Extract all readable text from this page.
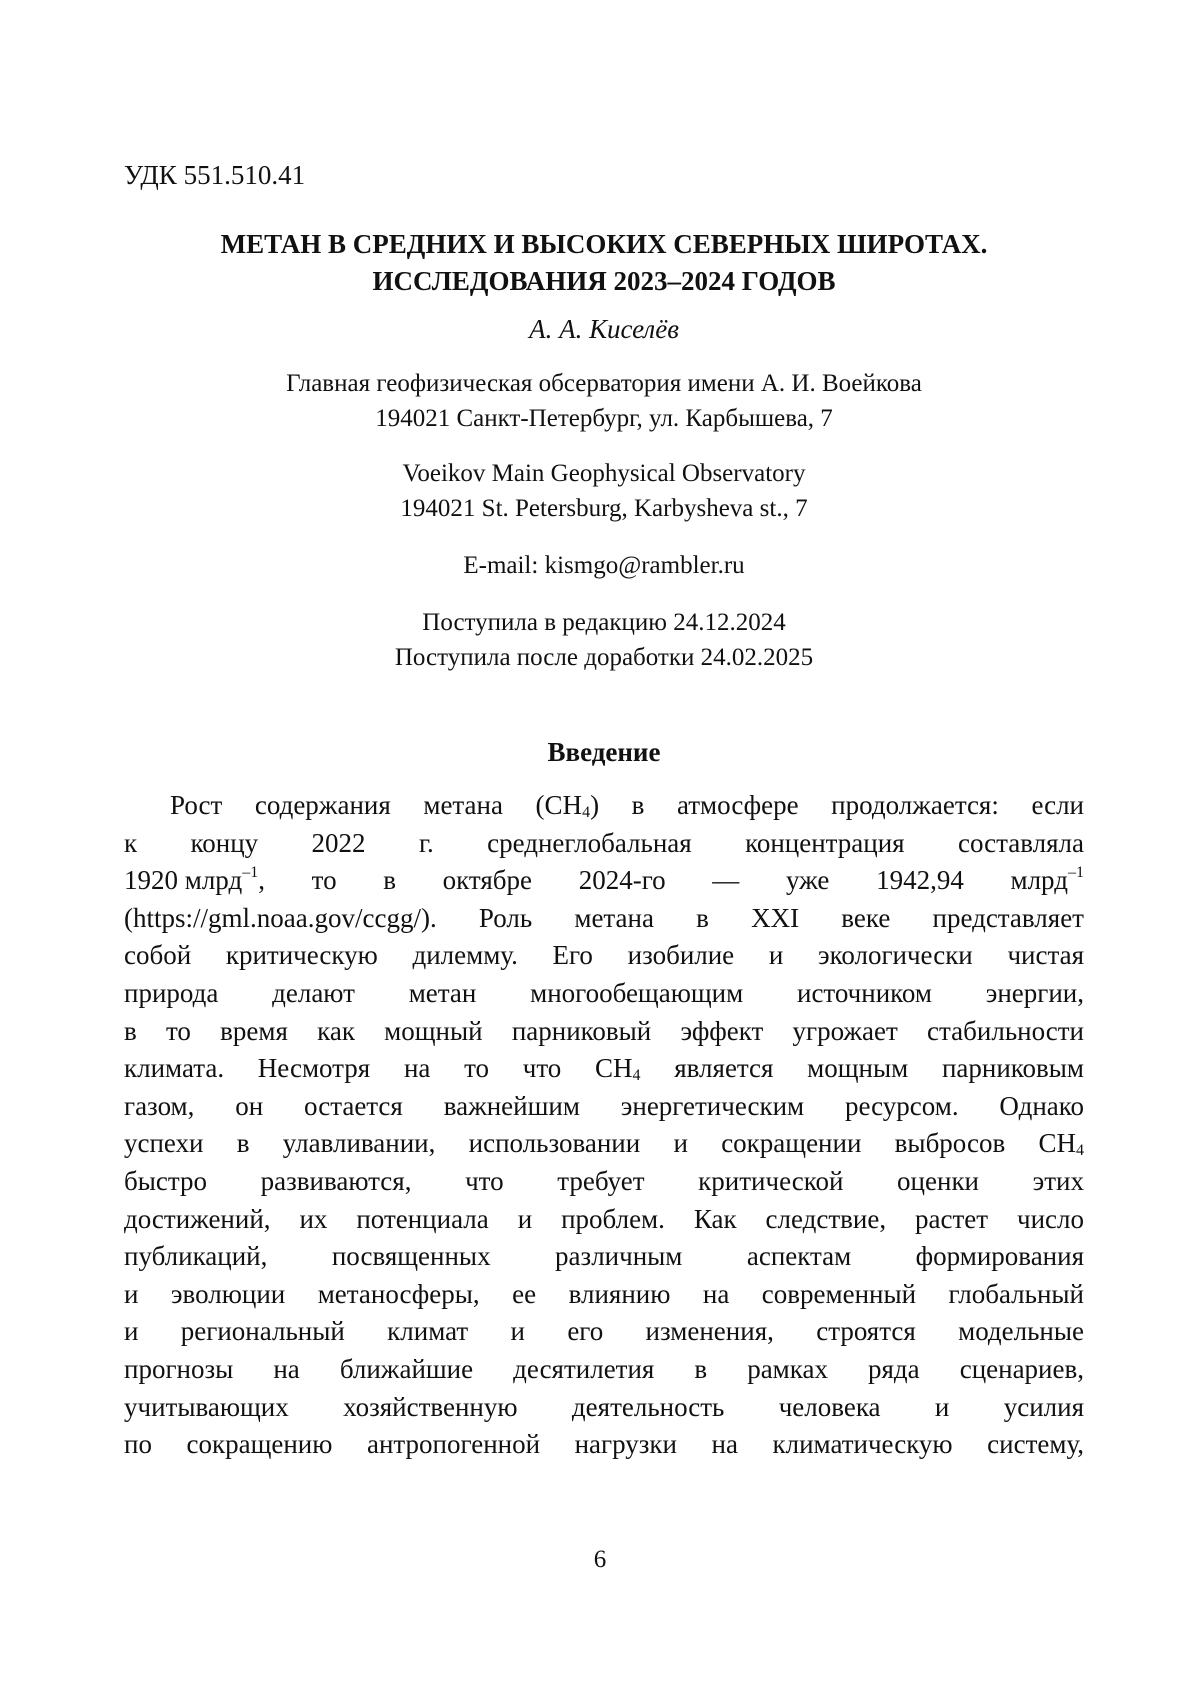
УДК 551.510.41

МЕТАН В СРЕДНИХ И ВЫСОКИХ СЕВЕРНЫХ ШИРОТАХ.
ИССЛЕДОВАНИЯ 2023–2024 ГОДОВ

А. А. Киселёв

Главная геофизическая обсерватория имени А. И. Воейкова
194021 Санкт-Петербург, ул. Карбышева, 7

Voeikov Main Geophysical Observatory
194021 St. Petersburg, Karbysheva st., 7

E-mail: kismgo@rambler.ru

Поступила в редакцию 24.12.2024
Поступила после доработки 24.02.2025

Введение
Рост содержания метана (CH4) в атмосфере продолжается: если
к концу 2022 г. среднеглобальная концентрация составляла
1920 млрд–1, то в октябре 2024-го — уже 1942,94 млрд–1
(https://gml.noaa.gov/ccgg/). Роль метана в XXI веке представляет
собой критическую дилемму. Его изобилие и экологически чистая
природа делают метан многообещающим источником энергии,
в то время как мощный парниковый эффект угрожает стабильности
климата. Несмотря на то что CH4 является мощным парниковым
газом, он остается важнейшим энергетическим ресурсом. Однако
успехи в улавливании, использовании и сокращении выбросов CH4
быстро развиваются, что требует критической оценки этих
достижений, их потенциала и проблем. Как следствие, растет число
публикаций, посвященных различным аспектам формирования
и эволюции метаносферы, ее влиянию на современный глобальный
и региональный климат и его изменения, строятся модельные
прогнозы на ближайшие десятилетия в рамках ряда сценариев,
учитывающих хозяйственную деятельность человека и усилия
по сокращению антропогенной нагрузки на климатическую систему,
6
